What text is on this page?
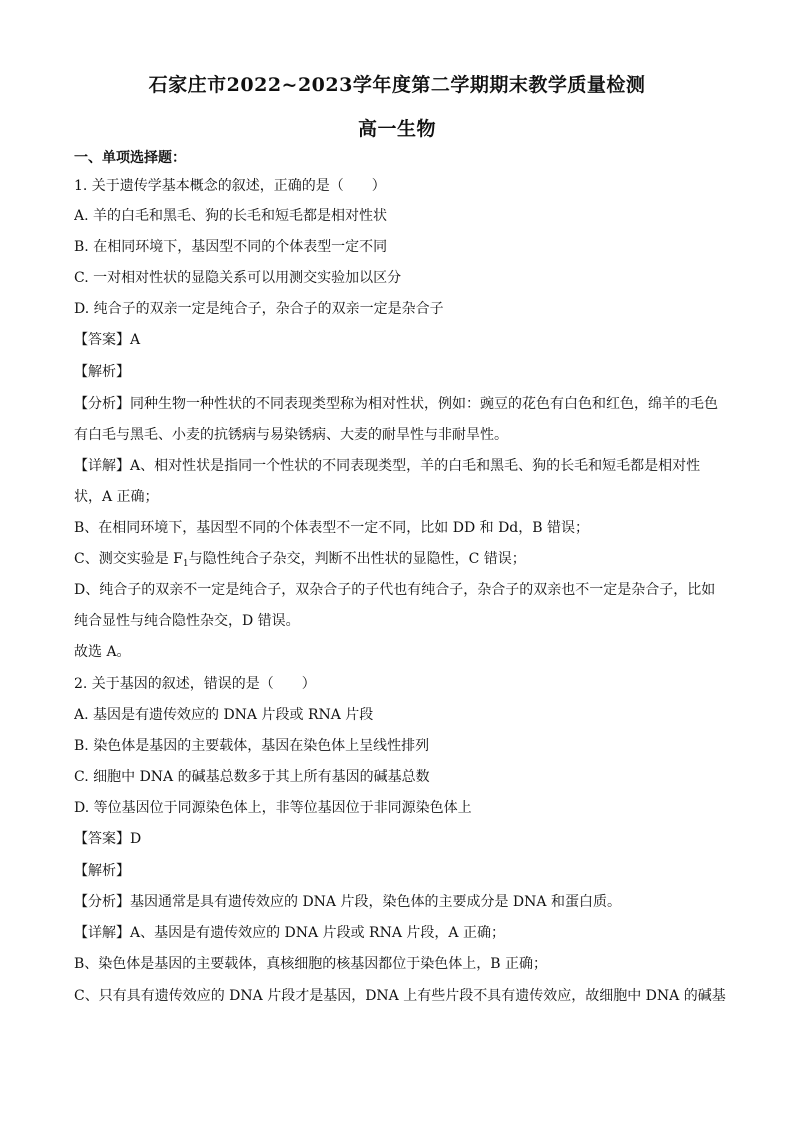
石家庄市2022~2023学年度第二学期期末教学质量检测
高一生物
一、单项选择题：
1. 关于遗传学基本概念的叙述，正确的是（　　）
A. 羊的白毛和黑毛、狗的长毛和短毛都是相对性状
B. 在相同环境下，基因型不同的个体表型一定不同
C. 一对相对性状的显隐关系可以用测交实验加以区分
D. 纯合子的双亲一定是纯合子，杂合子的双亲一定是杂合子
【答案】A
【解析】
【分析】同种生物一种性状的不同表现类型称为相对性状，例如：豌豆的花色有白色和红色，绵羊的毛色
有白毛与黑毛、小麦的抗锈病与易染锈病、大麦的耐旱性与非耐旱性。
【详解】A、相对性状是指同一个性状的不同表现类型，羊的白毛和黑毛、狗的长毛和短毛都是相对性
状，A 正确；
B、在相同环境下，基因型不同的个体表型不一定不同，比如 DD 和 Dd，B 错误；
C、测交实验是 $F_1$与隐性纯合子杂交，判断不出性状的显隐性，C 错误；
D、纯合子的双亲不一定是纯合子，双杂合子的子代也有纯合子，杂合子的双亲也不一定是杂合子，比如
纯合显性与纯合隐性杂交，D 错误。
故选 A。
2. 关于基因的叙述，错误的是（　　）
A. 基因是有遗传效应的 DNA 片段或 RNA 片段
B. 染色体是基因的主要载体，基因在染色体上呈线性排列
C. 细胞中 DNA 的碱基总数多于其上所有基因的碱基总数
D. 等位基因位于同源染色体上，非等位基因位于非同源染色体上
【答案】D
【解析】
【分析】基因通常是具有遗传效应的 DNA 片段，染色体的主要成分是 DNA 和蛋白质。
【详解】A、基因是有遗传效应的 DNA 片段或 RNA 片段，A 正确；
B、染色体是基因的主要载体，真核细胞的核基因都位于染色体上，B 正确；
C、只有具有遗传效应的 DNA 片段才是基因，DNA 上有些片段不具有遗传效应，故细胞中 DNA 的碱基
